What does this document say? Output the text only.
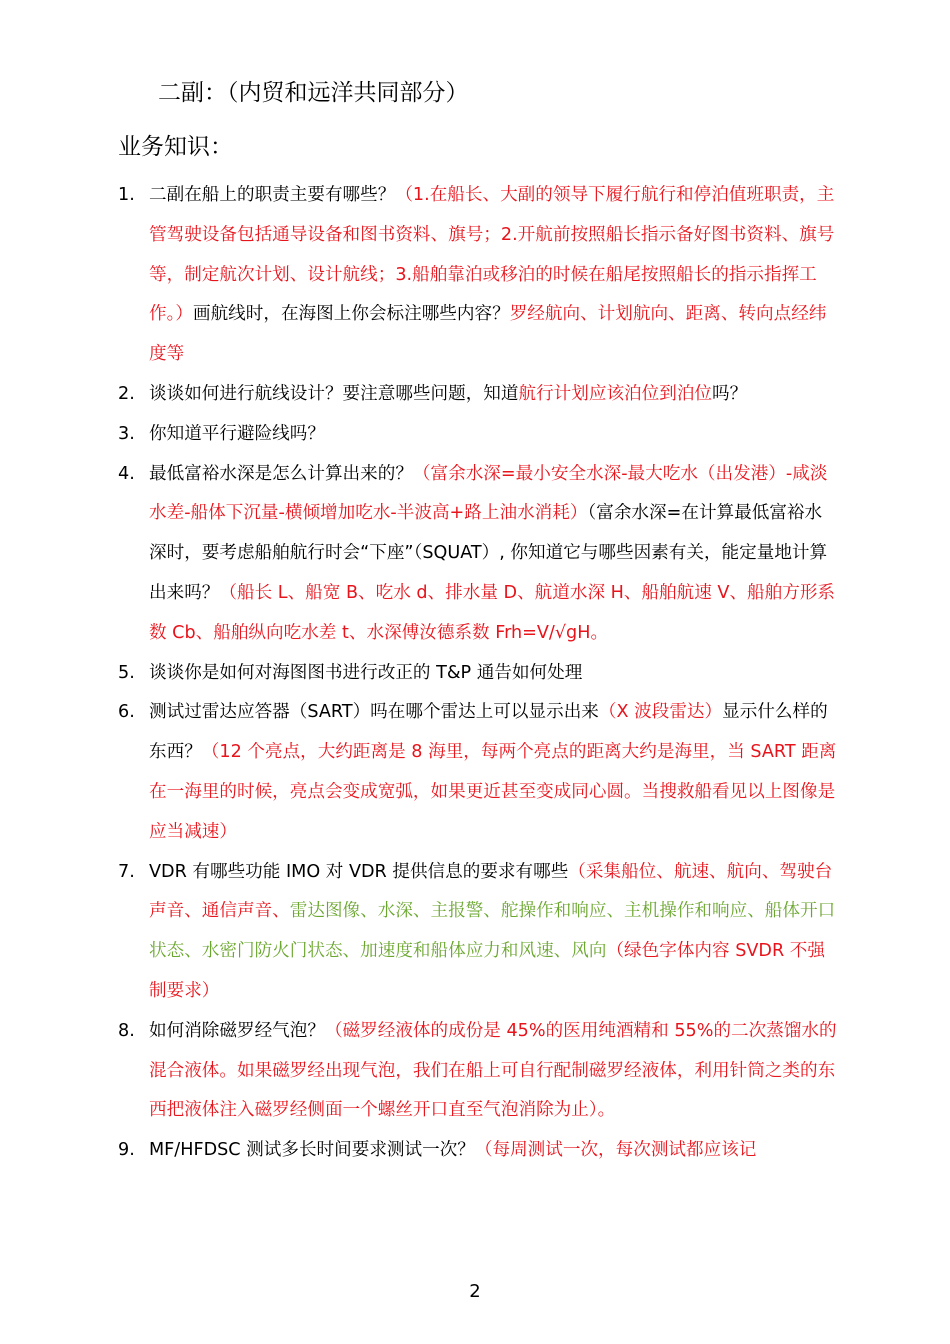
二副：（内贸和远洋共同部分）
业务知识：
1. 二副在船上的职责主要有哪些？（1.在船长、大副的领导下履行航行和停泊值班职责，主管驾驶设备包括通导设备和图书资料、旗号；2.开航前按照船长指示备好图书资料、旗号等，制定航次计划、设计航线；3.船舶靠泊或移泊的时候在船尾按照船长的指示指挥工作。）画航线时，在海图上你会标注哪些内容？罗经航向、计划航向、距离、转向点经纬度等
2. 谈谈如何进行航线设计？要注意哪些问题，知道航行计划应该泊位到泊位吗？
3. 你知道平行避险线吗？
4. 最低富裕水深是怎么计算出来的？（富余水深=最小安全水深-最大吃水（出发港）-咸淡水差-船体下沉量-横倾增加吃水-半波高+路上油水消耗）（富余水深=在计算最低富裕水深时，要考虑船舶航行时会“下座”（SQUAT）, 你知道它与哪些因素有关，能定量地计算出来吗？（船长 L、船宽 B、吃水 d、排水量 D、航道水深 H、船舶航速 V、船舶方形系数 Cb、船舶纵向吃水差 t、水深傅汝德系数 Frh=V/√gH。
5. 谈谈你是如何对海图图书进行改正的 T&P 通告如何处理
6. 测试过雷达应答器（SART）吗在哪个雷达上可以显示出来（X 波段雷达）显示什么样的东西？（12 个亮点，大约距离是 8 海里，每两个亮点的距离大约是海里，当 SART 距离在一海里的时候，亮点会变成宽弧，如果更近甚至变成同心圆。当搜救船看见以上图像是应当减速）
7. VDR 有哪些功能 IMO 对 VDR 提供信息的要求有哪些（采集船位、航速、航向、驾驶台声音、通信声音、雷达图像、水深、主报警、舵操作和响应、主机操作和响应、船体开口状态、水密门防火门状态、加速度和船体应力和风速、风向（绿色字体内容 SVDR 不强制要求）
8. 如何消除磁罗经气泡？（磁罗经液体的成份是 45%的医用纯酒精和 55%的二次蒸馏水的混合液体。如果磁罗经出现气泡，我们在船上可自行配制磁罗经液体，利用针筒之类的东西把液体注入磁罗经侧面一个螺丝开口直至气泡消除为止）。
9. MF/HFDSC 测试多长时间要求测试一次？（每周测试一次，每次测试都应该记
2
